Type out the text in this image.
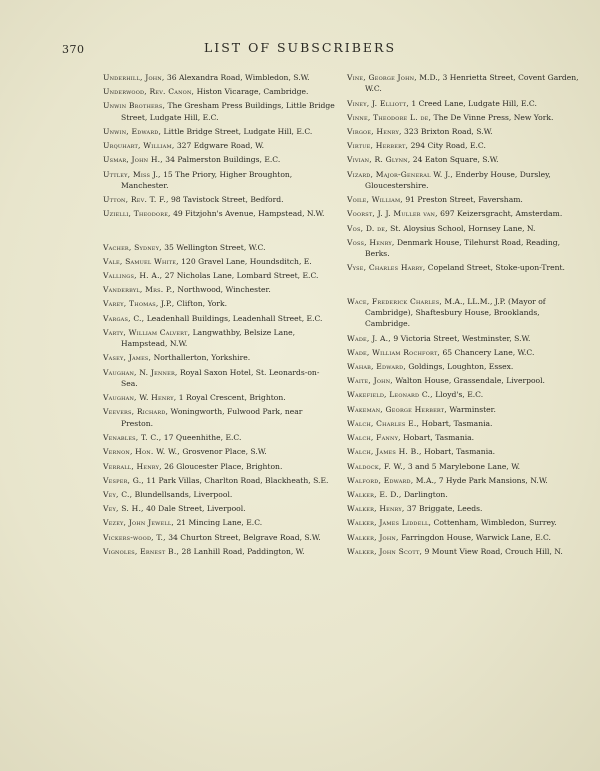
370	LIST OF SUBSCRIBERS
Underhill, John, 36 Alexandra Road, Wimbledon, S.W.
Underwood, Rev. Canon, Histon Vicarage, Cambridge.
Unwin Brothers, The Gresham Press Buildings, Little Bridge Street, Ludgate Hill, E.C.
Unwin, Edward, Little Bridge Street, Ludgate Hill, E.C.
Urquhart, William, 327 Edgware Road, W.
Usmar, John H., 34 Palmerston Buildings, E.C.
Uttley, Miss J., 15 The Priory, Higher Broughton, Manchester.
Utton, Rev. T. F., 98 Tavistock Street, Bedford.
Uzielli, Theodore, 49 Fitzjohn's Avenue, Hampstead, N.W.
Vacher, Sydney, 35 Wellington Street, W.C.
Vale, Samuel White, 120 Gravel Lane, Houndsditch, E.
Vallings, H. A., 27 Nicholas Lane, Lombard Street, E.C.
Vanderbyl, Mrs. P., Northwood, Winchester.
Varey, Thomas, J.P., Clifton, York.
Vargas, C., Leadenhall Buildings, Leadenhall Street, E.C.
Varty, William Calvert, Langwathby, Belsize Lane, Hampstead, N.W.
Vasey, James, Northallerton, Yorkshire.
Vaughan, N. Jenner, Royal Saxon Hotel, St. Leonards-on-Sea.
Vaughan, W. Henry, 1 Royal Crescent, Brighton.
Veevers, Richard, Woningworth, Fulwood Park, near Preston.
Venables, T. C., 17 Queenhithe, E.C.
Vernon, Hon. W. W., Grosvenor Place, S.W.
Verrall, Henry, 26 Gloucester Place, Brighton.
Vesper, G., 11 Park Villas, Charlton Road, Blackheath, S.E.
Vey, C., Blundellsands, Liverpool.
Vey, S. H., 40 Dale Street, Liverpool.
Vezey, John Jewell, 21 Mincing Lane, E.C.
Vickers-wood, T., 34 Churton Street, Belgrave Road, S.W.
Vignoles, Ernest B., 28 Lanhill Road, Paddington, W.
Vine, George John, M.D., 3 Henrietta Street, Covent Garden, W.C.
Viney, J. Elliott, 1 Creed Lane, Ludgate Hill, E.C.
Vinne, Theodore L. de, The De Vinne Press, New York.
Virgoe, Henry, 323 Brixton Road, S.W.
Virtue, Herbert, 294 City Road, E.C.
Vivian, R. Glynn, 24 Eaton Square, S.W.
Vizard, Major-General W. J., Enderby House, Dursley, Gloucestershire.
Voile, William, 91 Preston Street, Faversham.
Voorst, J. J. Muller van, 697 Keizersgracht, Amsterdam.
Vos, D. de, St. Aloysius School, Hornsey Lane, N.
Voss, Henry, Denmark House, Tilehurst Road, Reading, Berks.
Vyse, Charles Harry, Copeland Street, Stoke-upon-Trent.
Wace, Frederick Charles, M.A., LL.M., J.P. (Mayor of Cambridge), Shaftesbury House, Brooklands, Cambridge.
Wade, J. A., 9 Victoria Street, Westminster, S.W.
Wade, William Rochfort, 65 Chancery Lane, W.C.
Wahab, Edward, Goldings, Loughton, Essex.
Waite, John, Walton House, Grassendale, Liverpool.
Wakefield, Leonard C., Lloyd's, E.C.
Wakeman, George Herbert, Warminster.
Walch, Charles E., Hobart, Tasmania.
Walch, Fanny, Hobart, Tasmania.
Walch, James H. B., Hobart, Tasmania.
Waldock, F. W., 3 and 5 Marylebone Lane, W.
Walford, Edward, M.A., 7 Hyde Park Mansions, N.W.
Walker, E. D., Darlington.
Walker, Henry, 37 Briggate, Leeds.
Walker, James Liddell, Cottenham, Wimbledon, Surrey.
Walker, John, Farringdon House, Warwick Lane, E.C.
Walker, John Scott, 9 Mount View Road, Crouch Hill, N.
